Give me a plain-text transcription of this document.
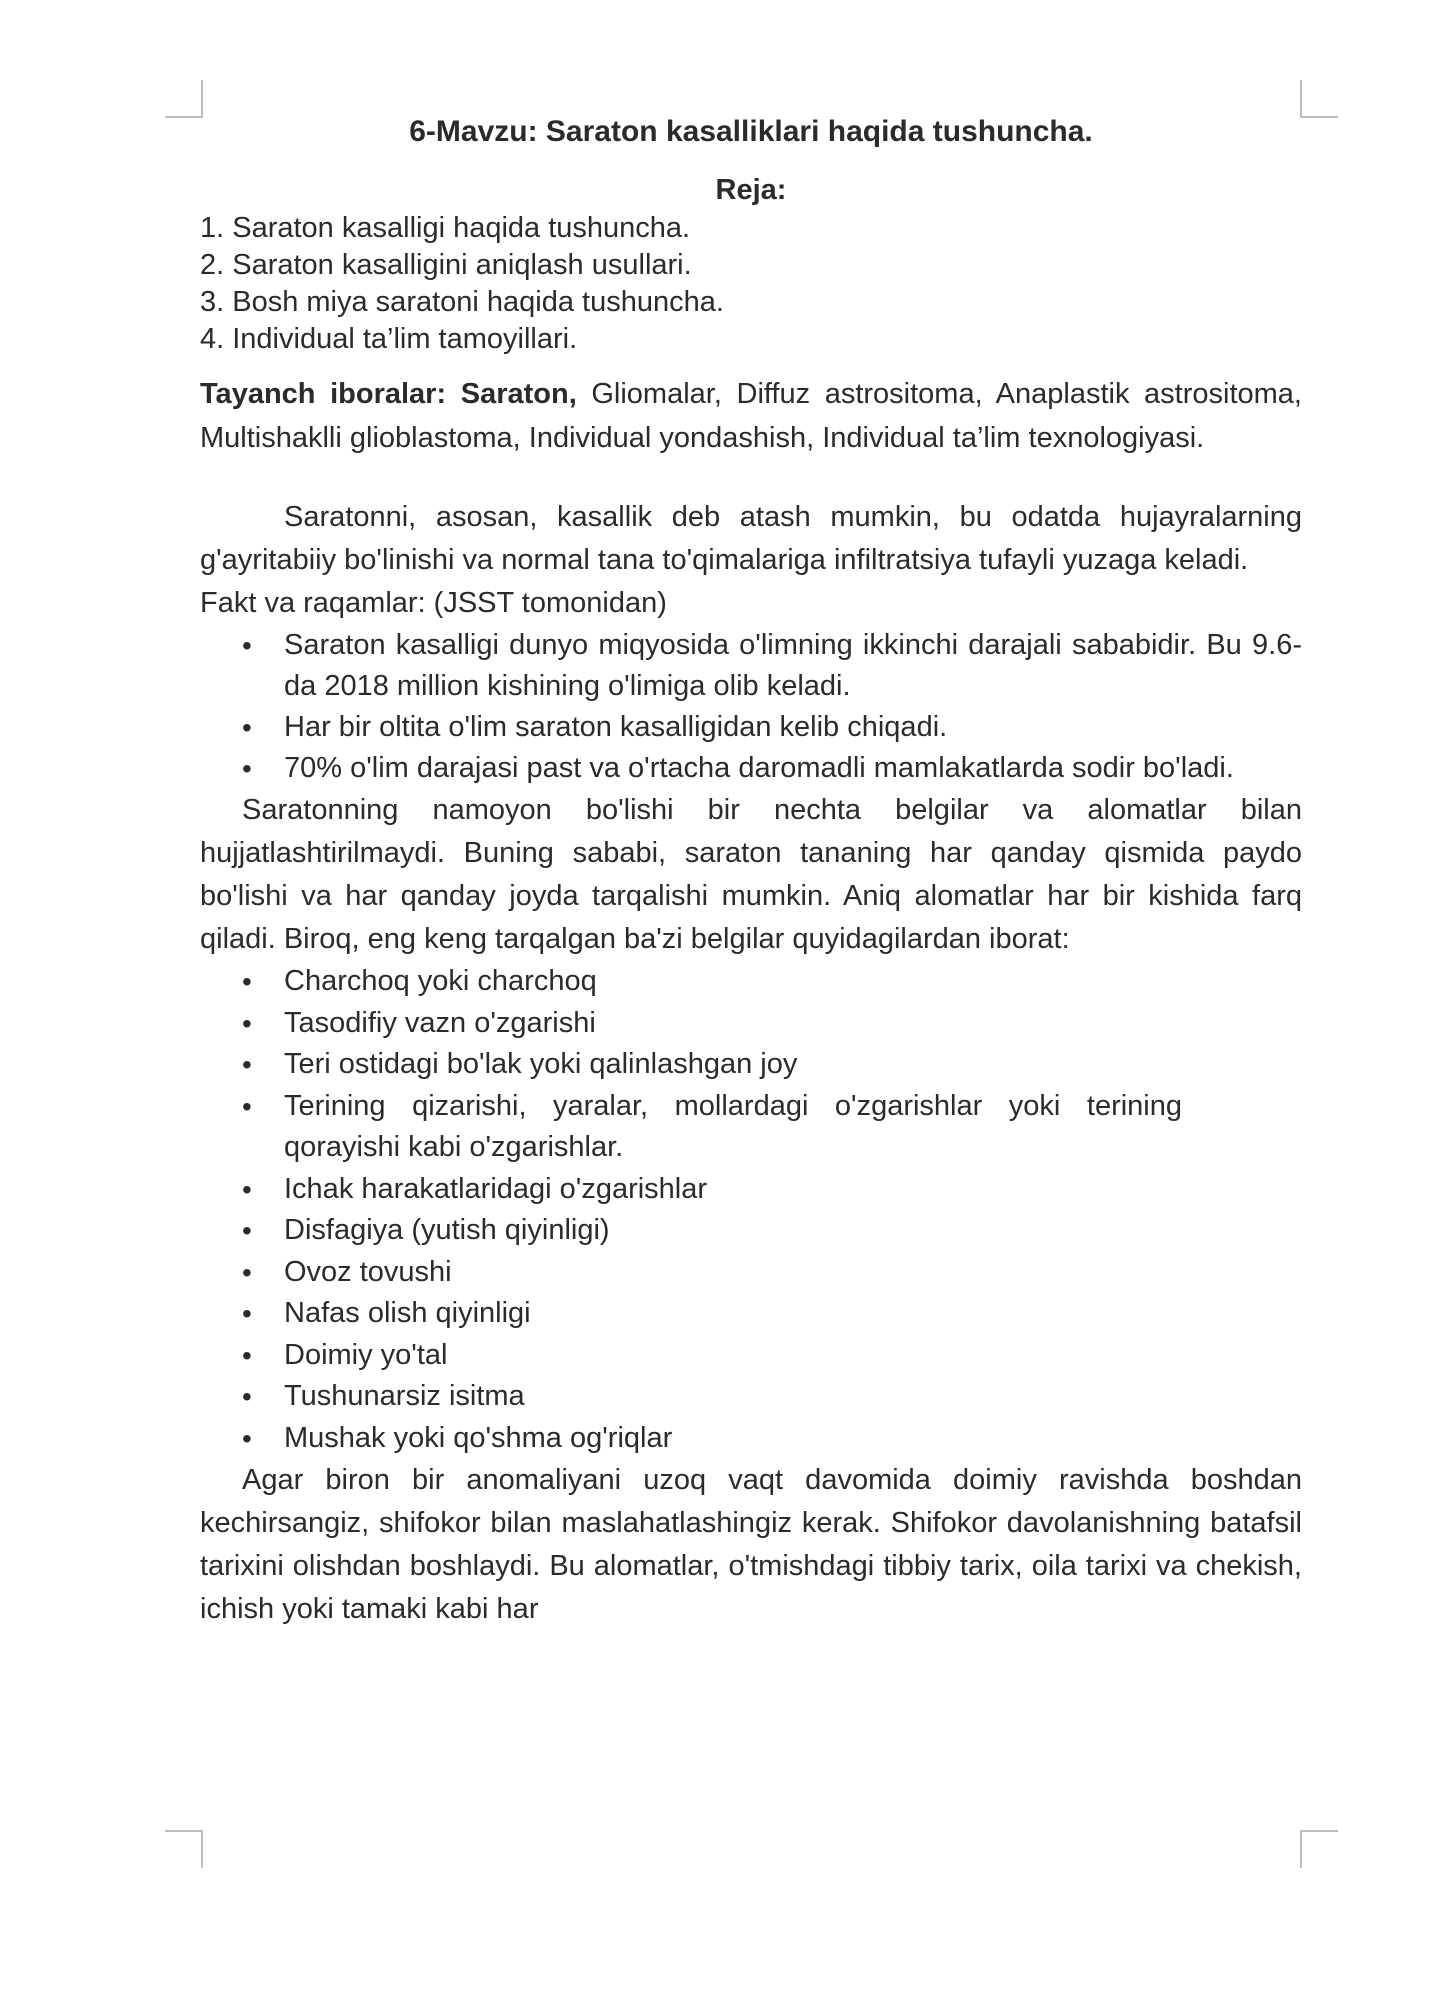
6-Mavzu: Saraton kasalliklari haqida tushuncha.

Reja:
1. Saraton kasalligi haqida tushuncha.
2. Saraton kasalligini aniqlash usullari.
3. Bosh miya saratoni haqida tushuncha.
4. Individual ta’lim tamoyillari.
Tayanch iboralar: Saraton, Gliomalar, Diffuz astrositoma, Anaplastik astrositoma, Multishaklli glioblastoma, Individual yondashish, Individual ta’lim texnologiyasi.

Saratonni, asosan, kasallik deb atash mumkin, bu odatda hujayralarning g'ayritabiiy bo'linishi va normal tana to'qimalariga infiltratsiya tufayli yuzaga keladi.

Fakt va raqamlar: (JSST tomonidan)

• Saraton kasalligi dunyo miqyosida o'limning ikkinchi darajali sababidir. Bu 9.6-da 2018 million kishining o'limiga olib keladi.
• Har bir oltita o'lim saraton kasalligidan kelib chiqadi.
• 70% o'lim darajasi past va o'rtacha daromadli mamlakatlarda sodir bo'ladi.

Saratonning namoyon bo'lishi bir nechta belgilar va alomatlar bilan hujjatlashtirilmaydi. Buning sababi, saraton tananing har qanday qismida paydo bo'lishi va har qanday joyda tarqalishi mumkin. Aniq alomatlar har bir kishida farq qiladi. Biroq, eng keng tarqalgan ba'zi belgilar quyidagilardan iborat:

• Charchoq yoki charchoq
• Tasodifiy vazn o'zgarishi
• Teri ostidagi bo'lak yoki qalinlashgan joy
• Terining qizarishi, yaralar, mollardagi o'zgarishlar yoki terining qorayishi kabi o'zgarishlar.
• Ichak harakatlaridagi o'zgarishlar
• Disfagiya (yutish qiyinligi)
• Ovoz tovushi
• Nafas olish qiyinligi
• Doimiy yo'tal
• Tushunarsiz isitma
• Mushak yoki qo'shma og'riqlar

Agar biron bir anomaliyani uzoq vaqt davomida doimiy ravishda boshdan kechirsangiz, shifokor bilan maslahatlashingiz kerak. Shifokor davolanishning batafsil tarixini olishdan boshlaydi. Bu alomatlar, o'tmishdagi tibbiy tarix, oila tarixi va chekish, ichish yoki tamaki kabi har
